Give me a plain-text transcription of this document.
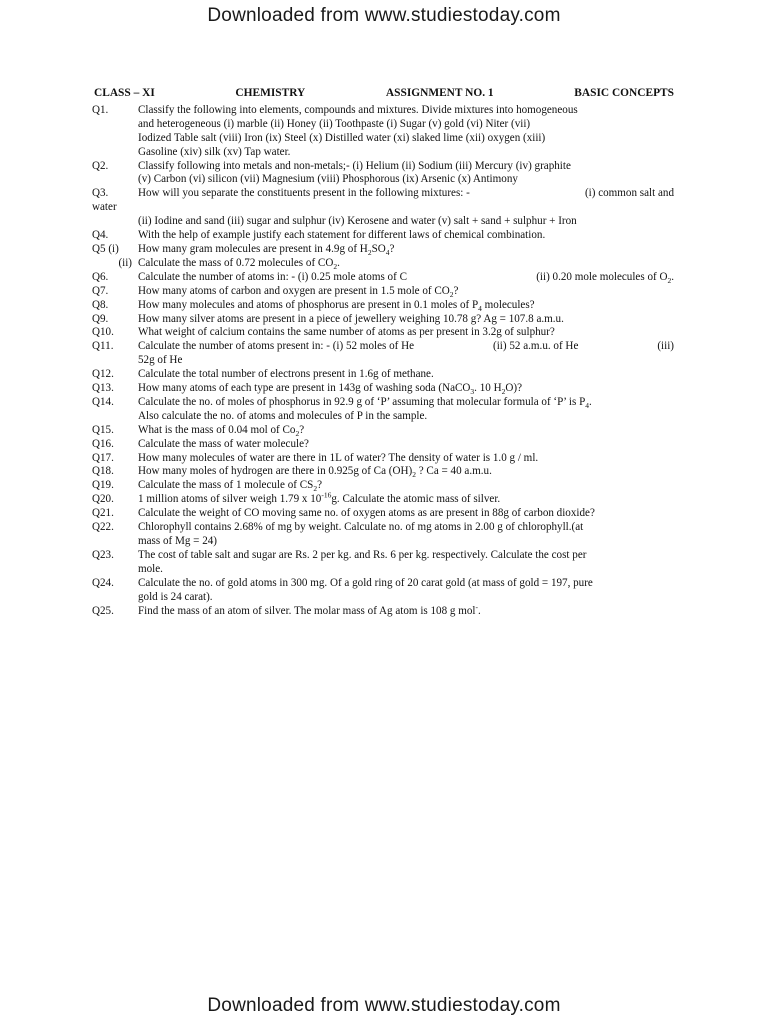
Downloaded from www.studiestoday.com
CLASS – XI	CHEMISTRY	ASSIGNMENT NO. 1	BASIC CONCEPTS
Q1.	Classify the following into elements, compounds and mixtures. Divide mixtures into homogeneous
and heterogeneous (i) marble (ii) Honey (ii) Toothpaste (i) Sugar (v) gold (vi) Niter (vii)
Iodized Table salt (viii) Iron (ix) Steel (x) Distilled water (xi) slaked lime (xii) oxygen (xiii)
Gasoline (xiv) silk (xv) Tap water.
Q2.	Classify following into metals and non-metals;- (i) Helium (ii) Sodium (iii) Mercury (iv) graphite
(v) Carbon (vi) silicon (vii) Magnesium (viii) Phosphorous (ix) Arsenic (x) Antimony
Q3.	How will you separate the constituents present in the following mixtures: -	(i) common salt and
water
(ii) Iodine and sand (iii) sugar and sulphur (iv) Kerosene and water (v) salt + sand + sulphur + Iron
Q4.	With the help of example justify each statement for different laws of chemical combination.
Q5 (i)	How many gram molecules are present in 4.9g of $H_2SO_4$?
(ii) Calculate the mass of 0.72 molecules of $CO_2$.
Q6.	Calculate the number of atoms in: - (i) 0.25 mole atoms of C	(ii) 0.20 mole molecules of $O_2$.
Q7.	How many atoms of carbon and oxygen are present in 1.5 mole of $CO_2$?
Q8.	How many molecules and atoms of phosphorus are present in 0.1 moles of $P_4$ molecules?
Q9.	How many silver atoms are present in a piece of jewellery weighing 10.78 g? Ag = 107.8 a.m.u.
Q10.	What weight of calcium contains the same number of atoms as per present in 3.2g of sulphur?
Q11.	Calculate the number of atoms present in: - (i) 52 moles of He	(ii) 52 a.m.u. of He	(iii)
52g of He
Q12.	Calculate the total number of electrons present in 1.6g of methane.
Q13.	How many atoms of each type are present in 143g of washing soda (NaCO$_3$. 10 $H_2O$)?
Q14.	Calculate the no. of moles of phosphorus in 92.9 g of ‘P’ assuming that molecular formula of ‘P’ is $P_4$.
Also calculate the no. of atoms and molecules of P in the sample.
Q15.	What is the mass of 0.04 mol of $Co_2$?
Q16.	Calculate the mass of water molecule?
Q17.	How many molecules of water are there in 1L of water? The density of water is 1.0 g / ml.
Q18.	How many moles of hydrogen are there in 0.925g of Ca $(OH)_2$ ? Ca = 40 a.m.u.
Q19.	Calculate the mass of 1 molecule of $CS_2$?
Q20.	1 million atoms of silver weigh 1.79 x $10^{-16}g$. Calculate the atomic mass of silver.
Q21.	Calculate the weight of CO moving same no. of oxygen atoms as are present in 88g of carbon dioxide?
Q22.	Chlorophyll contains 2.68% of mg by weight. Calculate no. of mg atoms in 2.00 g of chlorophyll.(at
mass of Mg = 24)
Q23.	The cost of table salt and sugar are Rs. 2 per kg. and Rs. 6 per kg. respectively. Calculate the cost per
mole.
Q24.	Calculate the no. of gold atoms in 300 mg. Of a gold ring of 20 carat gold (at mass of gold = 197, pure
gold is 24 carat).
Q25.	Find the mass of an atom of silver. The molar mass of Ag atom is 108 g mol-.
Downloaded from www.studiestoday.com
